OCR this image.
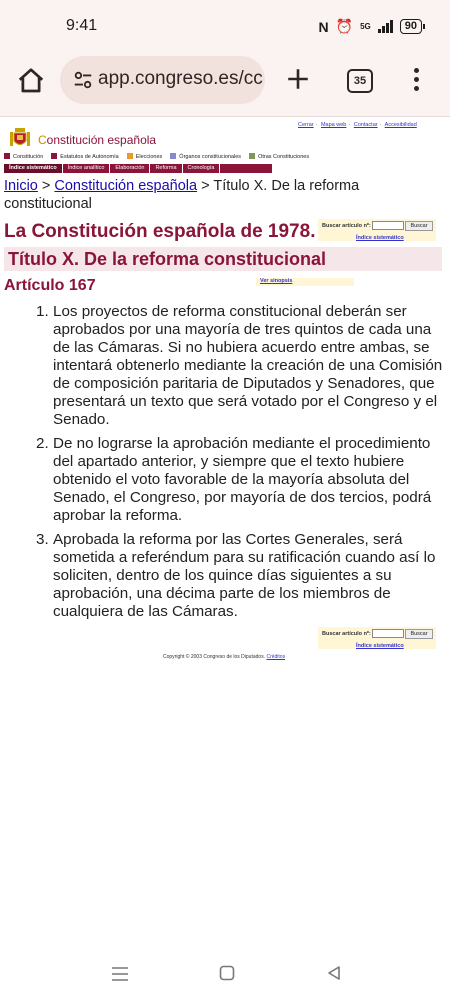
9:41	N ⏰ 5G	90
app.congreso.es/cc	35
Cerrar · Mapa web · Contactar · Accesibilidad
Constitución española
Constitución	Estatutos de Autonomía	Elecciones	Órganos constitucionales	Otras Constituciones
Índice sistemático	Índice analítico	Elaboración	Reforma	Cronología
Inicio > Constitución española > Título X. De la reforma constitucional
La Constitución española de 1978. Buscar artículo nº:	Buscar
Índice sistemático
Título X. De la reforma constitucional
Artículo 167	Ver sinopsis
1. Los proyectos de reforma constitucional deberán ser aprobados por una mayoría de tres quintos de cada una de las Cámaras. Si no hubiera acuerdo entre ambas, se intentará obtenerlo mediante la creación de una Comisión de composición paritaria de Diputados y Senadores, que presentará un texto que será votado por el Congreso y el Senado.
2. De no lograrse la aprobación mediante el procedimiento del apartado anterior, y siempre que el texto hubiere obtenido el voto favorable de la mayoría absoluta del Senado, el Congreso, por mayoría de dos tercios, podrá aprobar la reforma.
3. Aprobada la reforma por las Cortes Generales, será sometida a referéndum para su ratificación cuando así lo soliciten, dentro de los quince días siguientes a su aprobación, una décima parte de los miembros de cualquiera de las Cámaras.
Buscar artículo nº:	Buscar
Índice sistemático
Copyright © 2003 Congreso de los Diputados. Créditos
